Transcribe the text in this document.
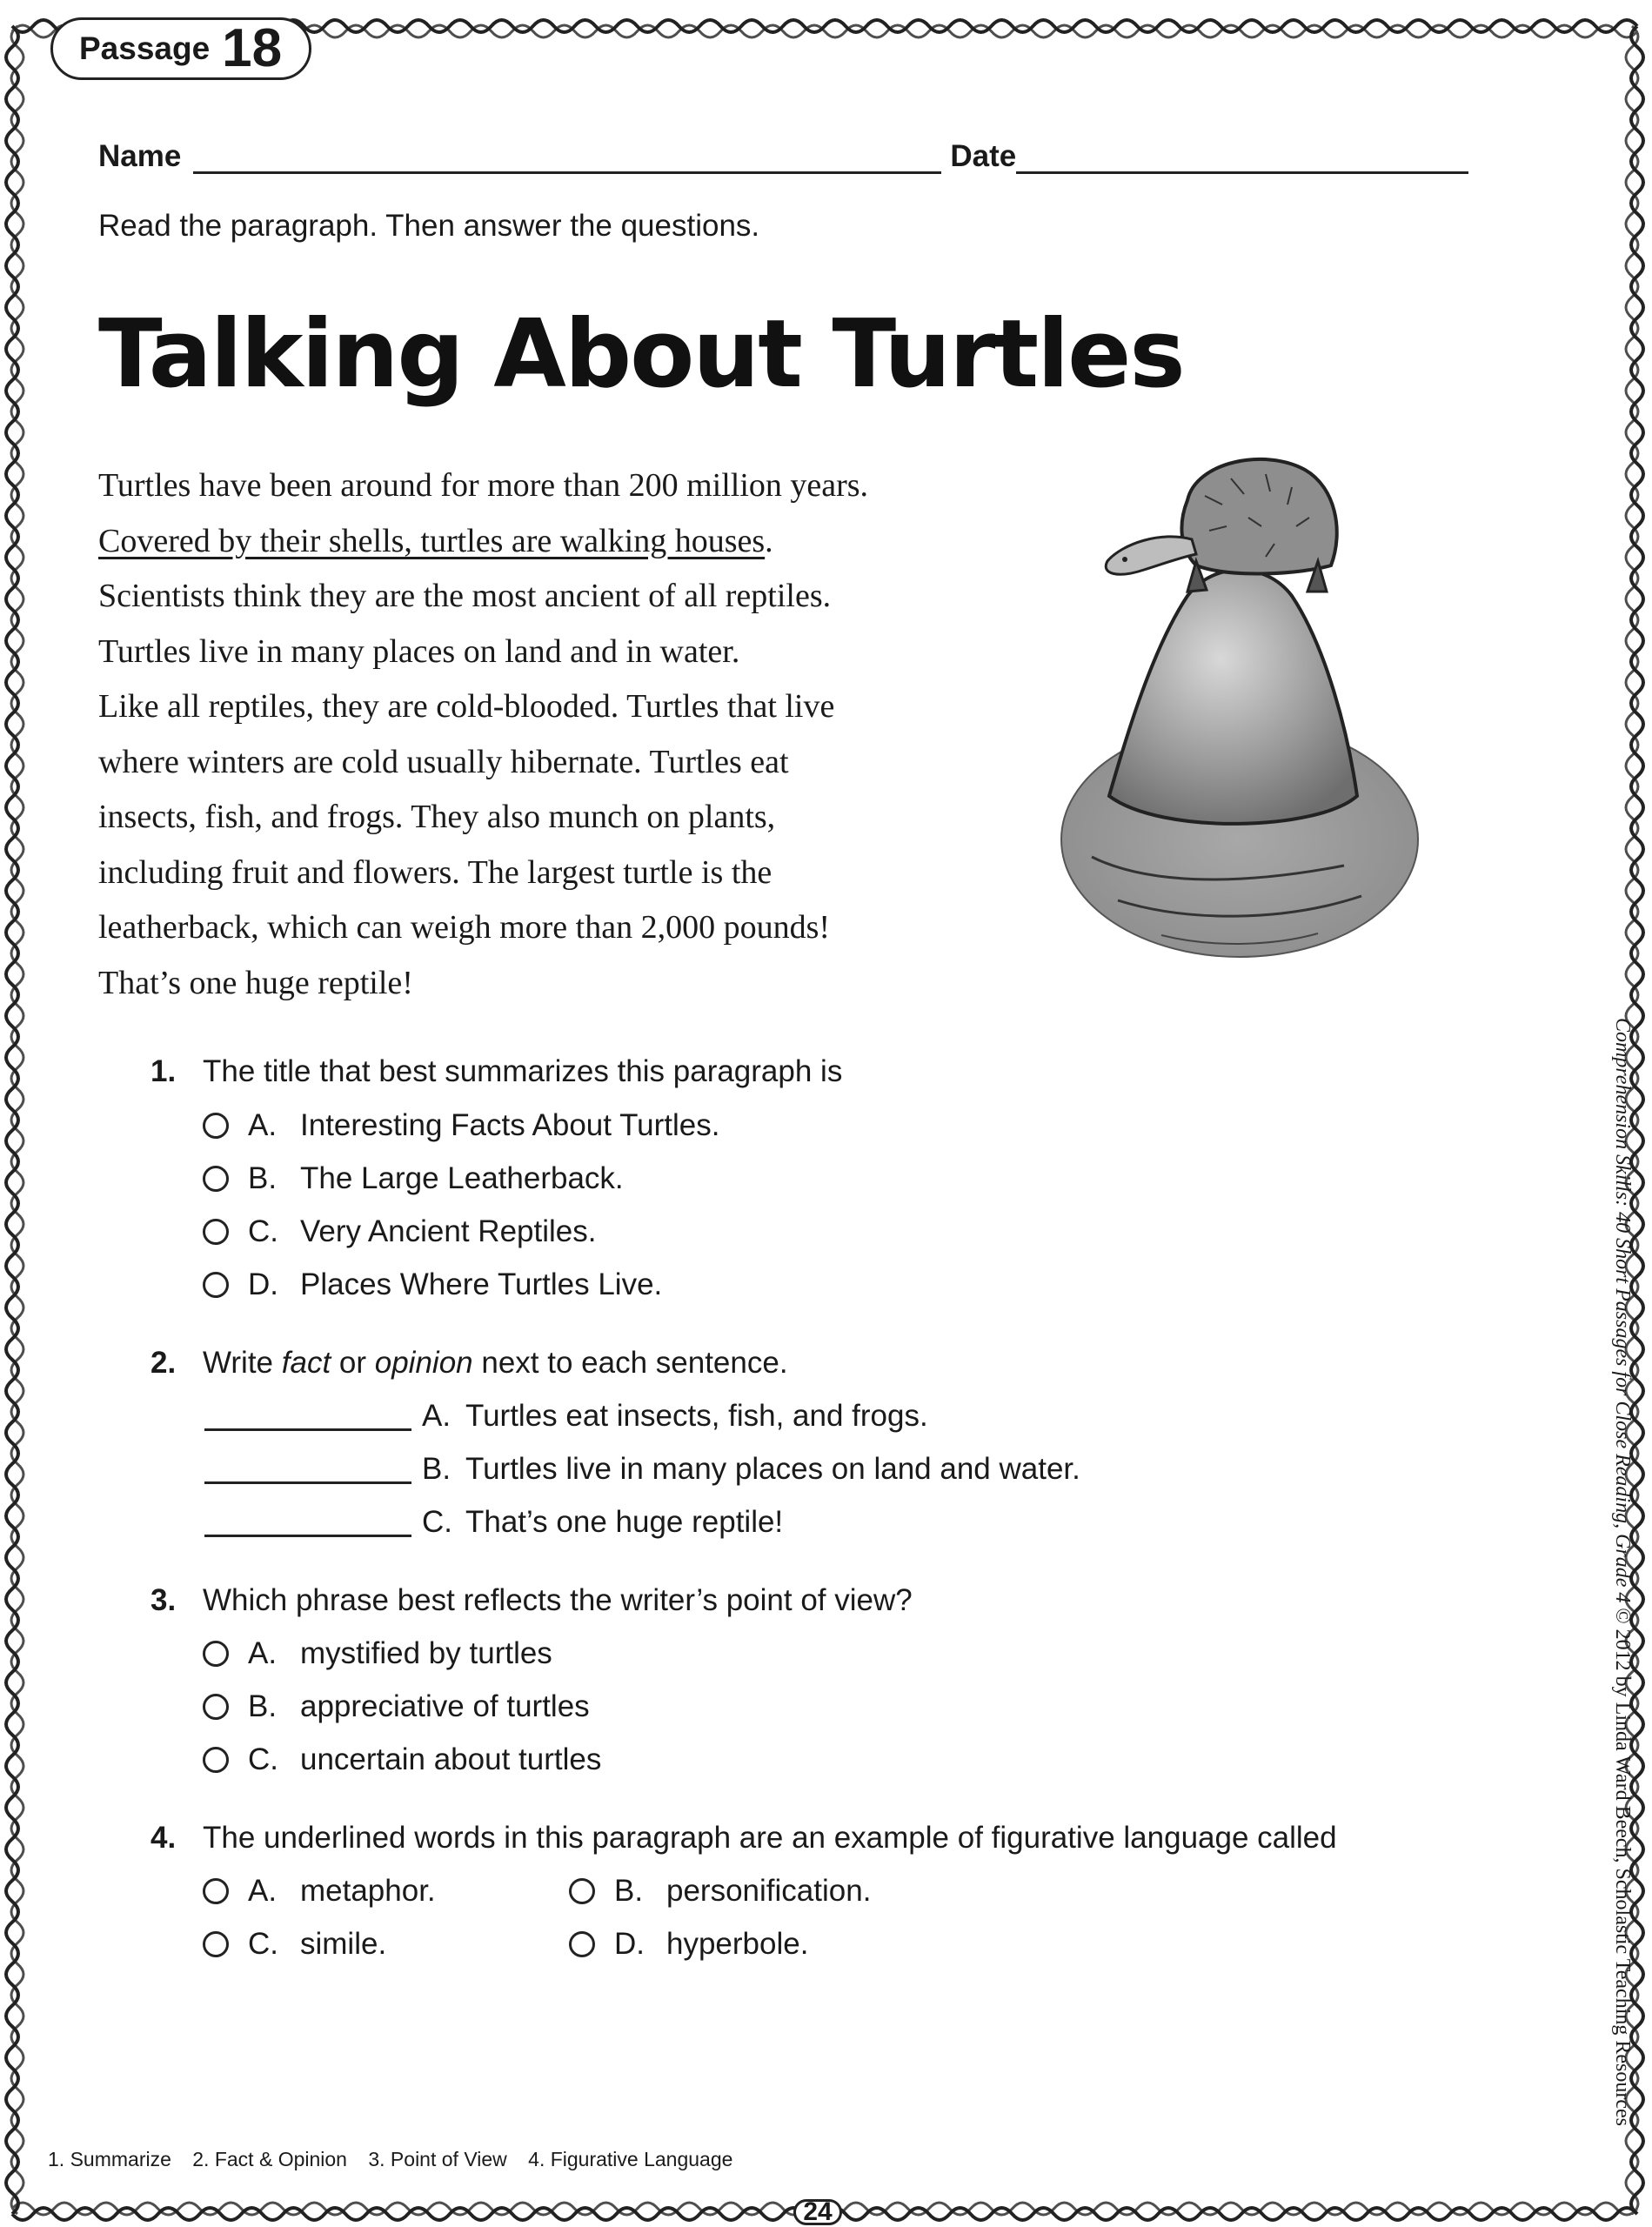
Passage 18
Name	Date
Read the paragraph. Then answer the questions.
Talking About Turtles
Turtles have been around for more than 200 million years.
Covered by their shells, turtles are walking houses.
Scientists think they are the most ancient of all reptiles.
Turtles live in many places on land and in water.
Like all reptiles, they are cold-blooded. Turtles that live
where winters are cold usually hibernate. Turtles eat
insects, fish, and frogs. They also munch on plants,
including fruit and flowers. The largest turtle is the
leatherback, which can weigh more than 2,000 pounds!
That’s one huge reptile!
1. The title that best summarizes this paragraph is
A. Interesting Facts About Turtles.
B. The Large Leatherback.
C. Very Ancient Reptiles.
D. Places Where Turtles Live.
2. Write fact or opinion next to each sentence.
A. Turtles eat insects, fish, and frogs.
B. Turtles live in many places on land and water.
C. That’s one huge reptile!
3. Which phrase best reflects the writer’s point of view?
A. mystified by turtles
B. appreciative of turtles
C. uncertain about turtles
4. The underlined words in this paragraph are an example of figurative language called
A. metaphor.	B. personification.
C. simile.	D. hyperbole.
1. Summarize 2. Fact & Opinion 3. Point of View 4. Figurative Language
24
Comprehension Skills: 40 Short Passages for Close Reading, Grade 4 © 2012 by Linda Ward Beech, Scholastic Teaching Resources
